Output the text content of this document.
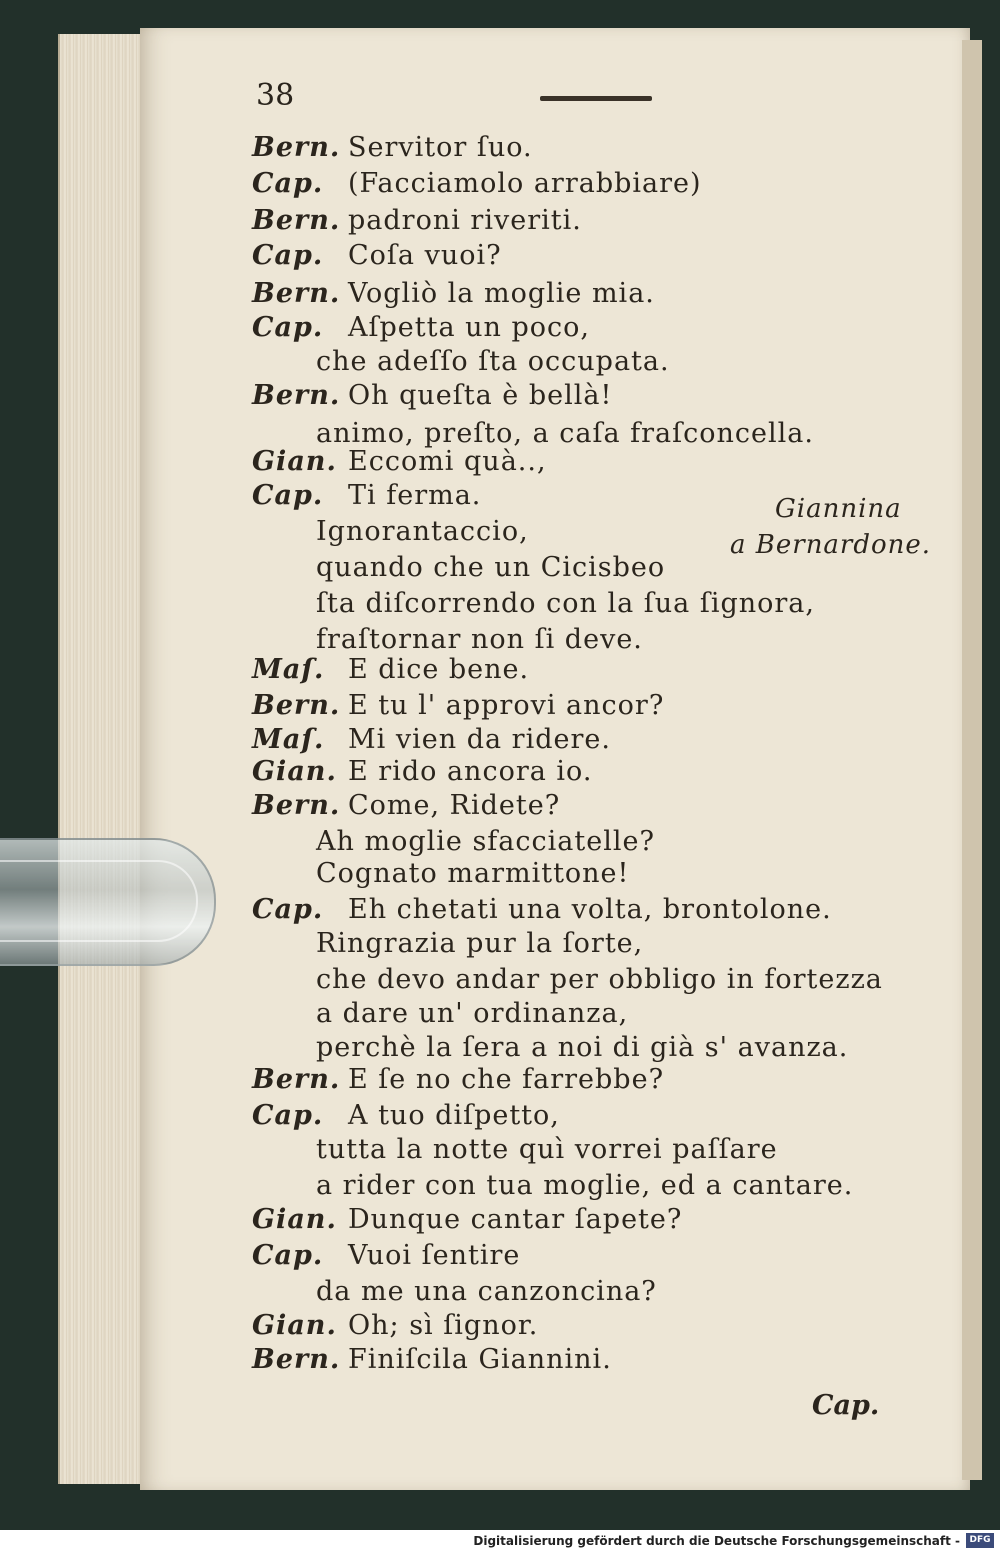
38
Bern. Servitor ſuo.
Cap. (Facciamolo arrabbiare)
Bern. padroni riveriti.
Cap. Coſa vuoi?
Bern. Vogliò la moglie mia.
Cap. Aſpetta un poco,
che adeſſo ſta occupata.
Bern. Oh queſta è bellà!
animo, preſto, a caſa fraſconcella.
Gian. Eccomi quà..,
Cap. Ti ferma.
Ignorantaccio,
quando che un Cicisbeo
ſta diſcorrendo con la ſua ſignora,
fraſtornar non ſi deve.
Maſ. E dice bene.
Bern. E tu l' approvi ancor?
Maſ. Mi vien da ridere.
Gian. E rido ancora io.
Bern. Come, Ridete?
Ah moglie sfacciatelle?
Cognato marmittone!
Cap. Eh chetati una volta, brontolone.
Ringrazia pur la ſorte,
che devo andar per obbligo in fortezza
a dare un' ordinanza,
perchè la ſera a noi di già s' avanza.
Bern. E ſe no che farrebbe?
Cap. A tuo diſpetto,
tutta la notte quì vorrei paſſare
a rider con tua moglie, ed a cantare.
Gian. Dunque cantar ſapete?
Cap. Vuoi ſentire
da me una canzoncina?
Gian. Oh; sì ſignor.
Bern. Finiſcila Giannini.
Giannina
a Bernardone.
Cap.
Digitalisierung gefördert durch die Deutsche Forschungsgemeinschaft -	DFG
